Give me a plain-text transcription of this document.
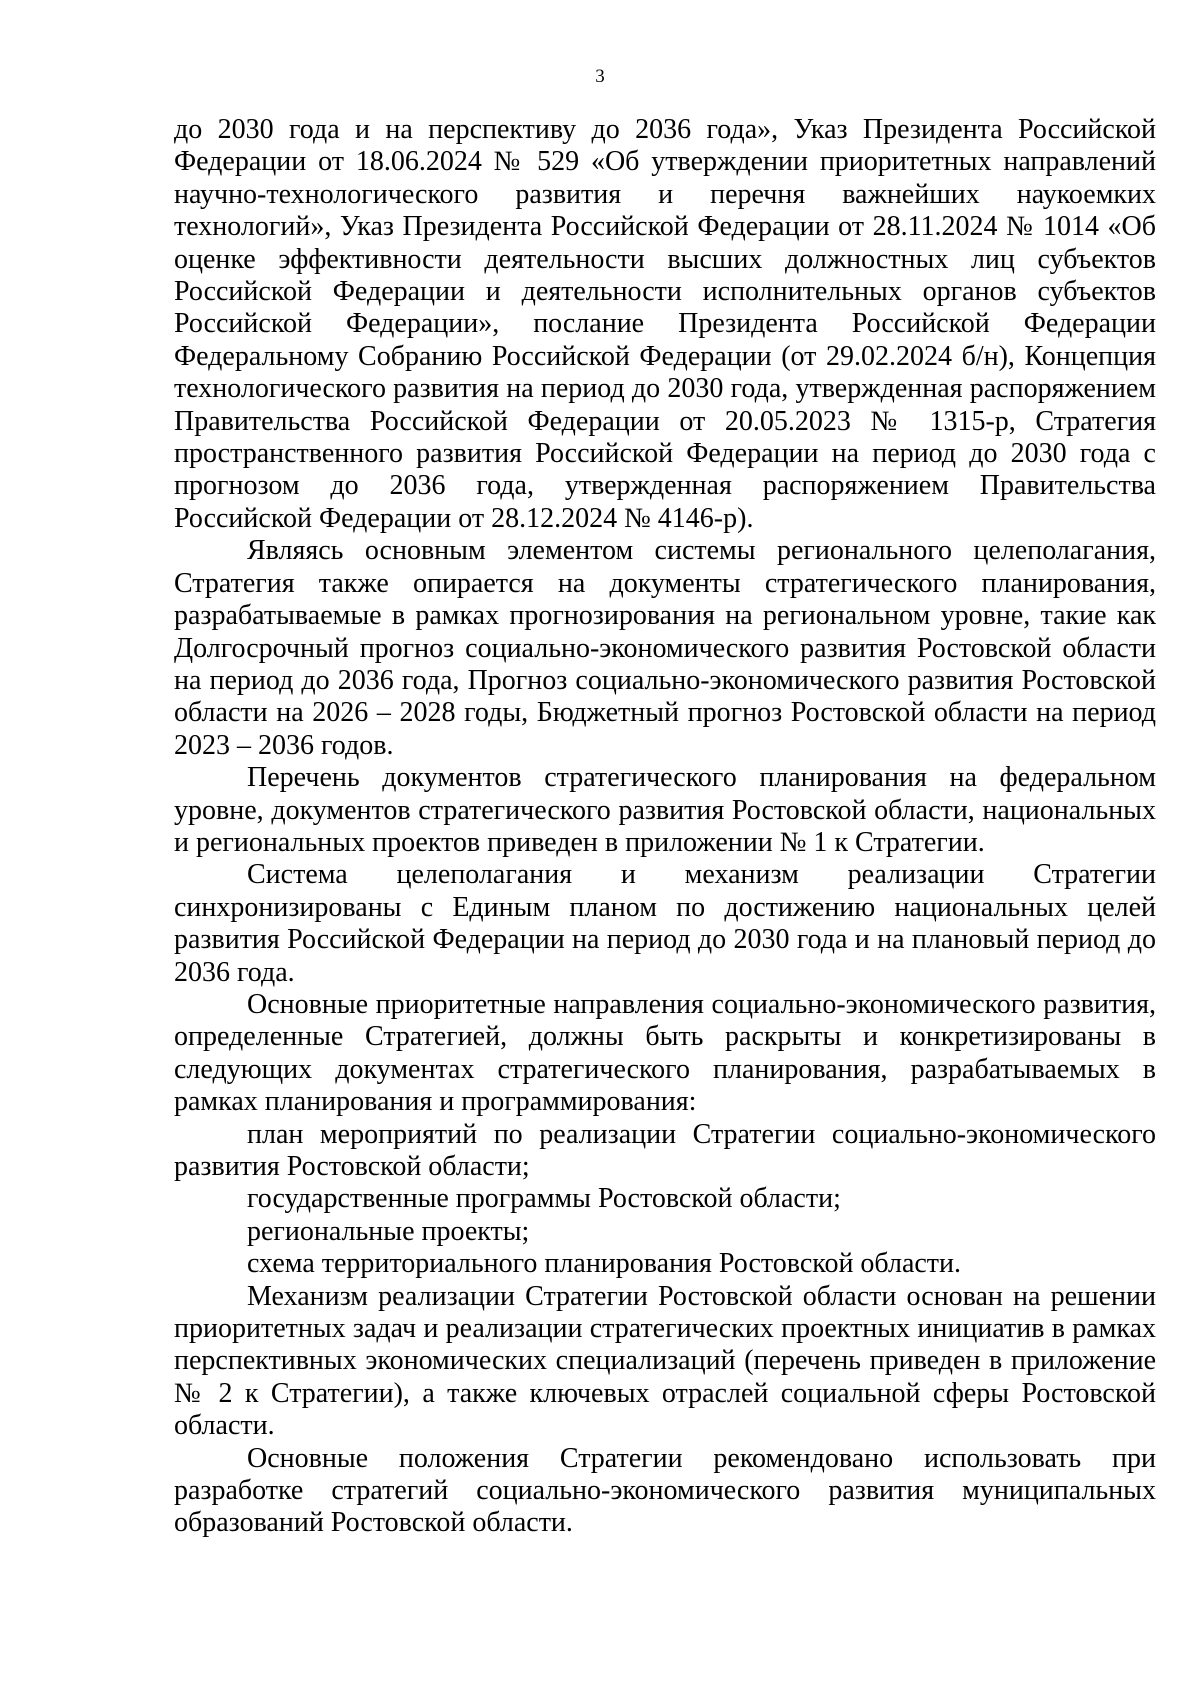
3

до 2030 года и на перспективу до 2036 года», Указ Президента Российской Федерации от 18.06.2024 № 529 «Об утверждении приоритетных направлений научно-технологического развития и перечня важнейших наукоемких технологий», Указ Президента Российской Федерации от 28.11.2024 № 1014 «Об оценке эффективности деятельности высших должностных лиц субъектов Российской Федерации и деятельности исполнительных органов субъектов Российской Федерации», послание Президента Российской Федерации Федеральному Собранию Российской Федерации (от 29.02.2024 б/н), Концепция технологического развития на период до 2030 года, утвержденная распоряжением Правительства Российской Федерации от 20.05.2023 № 1315-р, Стратегия пространственного развития Российской Федерации на период до 2030 года с прогнозом до 2036 года, утвержденная распоряжением Правительства Российской Федерации от 28.12.2024 № 4146-р).

Являясь основным элементом системы регионального целеполагания, Стратегия также опирается на документы стратегического планирования, разрабатываемые в рамках прогнозирования на региональном уровне, такие как Долгосрочный прогноз социально-экономического развития Ростовской области на период до 2036 года, Прогноз социально-экономического развития Ростовской области на 2026 – 2028 годы, Бюджетный прогноз Ростовской области на период 2023 – 2036 годов.

Перечень документов стратегического планирования на федеральном уровне, документов стратегического развития Ростовской области, национальных и региональных проектов приведен в приложении № 1 к Стратегии.

Система целеполагания и механизм реализации Стратегии синхронизированы с Единым планом по достижению национальных целей развития Российской Федерации на период до 2030 года и на плановый период до 2036 года.

Основные приоритетные направления социально-экономического развития, определенные Стратегией, должны быть раскрыты и конкретизированы в следующих документах стратегического планирования, разрабатываемых в рамках планирования и программирования:

план мероприятий по реализации Стратегии социально-экономического развития Ростовской области;

государственные программы Ростовской области;

региональные проекты;

схема территориального планирования Ростовской области.

Механизм реализации Стратегии Ростовской области основан на решении приоритетных задач и реализации стратегических проектных инициатив в рамках перспективных экономических специализаций (перечень приведен в приложение № 2 к Стратегии), а также ключевых отраслей социальной сферы Ростовской области.

Основные положения Стратегии рекомендовано использовать при разработке стратегий социально-экономического развития муниципальных образований Ростовской области.
